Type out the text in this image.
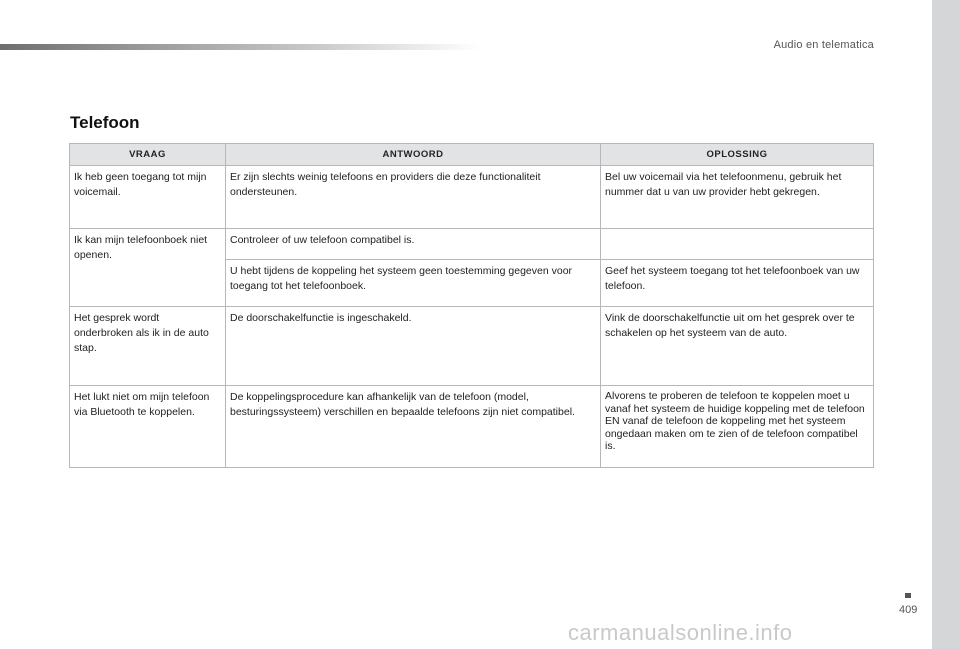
Audio en telematica
Telefoon
VRAAG	ANTWOORD	OPLOSSING
Ik heb geen toegang tot mijn voicemail.	Er zijn slechts weinig telefoons en providers die deze functionaliteit ondersteunen.	Bel uw voicemail via het telefoonmenu, gebruik het nummer dat u van uw provider hebt gekregen.
Ik kan mijn telefoonboek niet openen.	Controleer of uw telefoon compatibel is.	
	U hebt tijdens de koppeling het systeem geen toestemming gegeven voor toegang tot het telefoonboek.	Geef het systeem toegang tot het telefoonboek van uw telefoon.
Het gesprek wordt onderbroken als ik in de auto stap.	De doorschakelfunctie is ingeschakeld.	Vink de doorschakelfunctie uit om het gesprek over te schakelen op het systeem van de auto.
Het lukt niet om mijn telefoon via Bluetooth te koppelen.	De koppelingsprocedure kan afhankelijk van de telefoon (model, besturingssysteem) verschillen en bepaalde telefoons zijn niet compatibel.	Alvorens te proberen de telefoon te koppelen moet u vanaf het systeem de huidige koppeling met de telefoon EN vanaf de telefoon de koppeling met het systeem ongedaan maken om te zien of de telefoon compatibel is.
409
carmanualsonline.info
